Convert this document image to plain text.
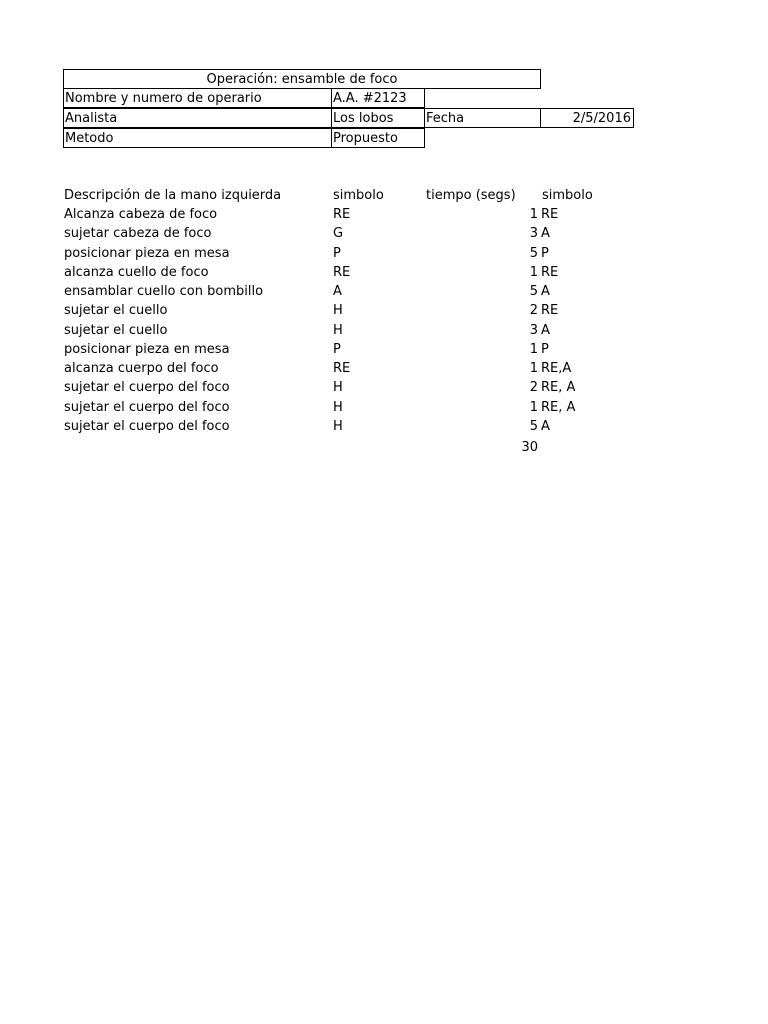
Operación: ensamble de foco
Nombre y numero de operario	A.A. #2123
Analista	Los lobos	Fecha	2/5/2016
Metodo	Propuesto
Descripción de la mano izquierda	simbolo	tiempo (segs) simbolo
Alcanza cabeza de foco	RE	1 RE
sujetar cabeza de foco	G	3 A
posicionar pieza en mesa	P	5 P
alcanza cuello de foco	RE	1 RE
ensamblar cuello con bombillo	A	5 A
sujetar el cuello	H	2 RE
sujetar el cuello	H	3 A
posicionar pieza en mesa	P	1 P
alcanza cuerpo del foco	RE	1 RE,A
sujetar el cuerpo del foco	H	2 RE, A
sujetar el cuerpo del foco	H	1 RE, A
sujetar el cuerpo del foco	H	5 A
30
